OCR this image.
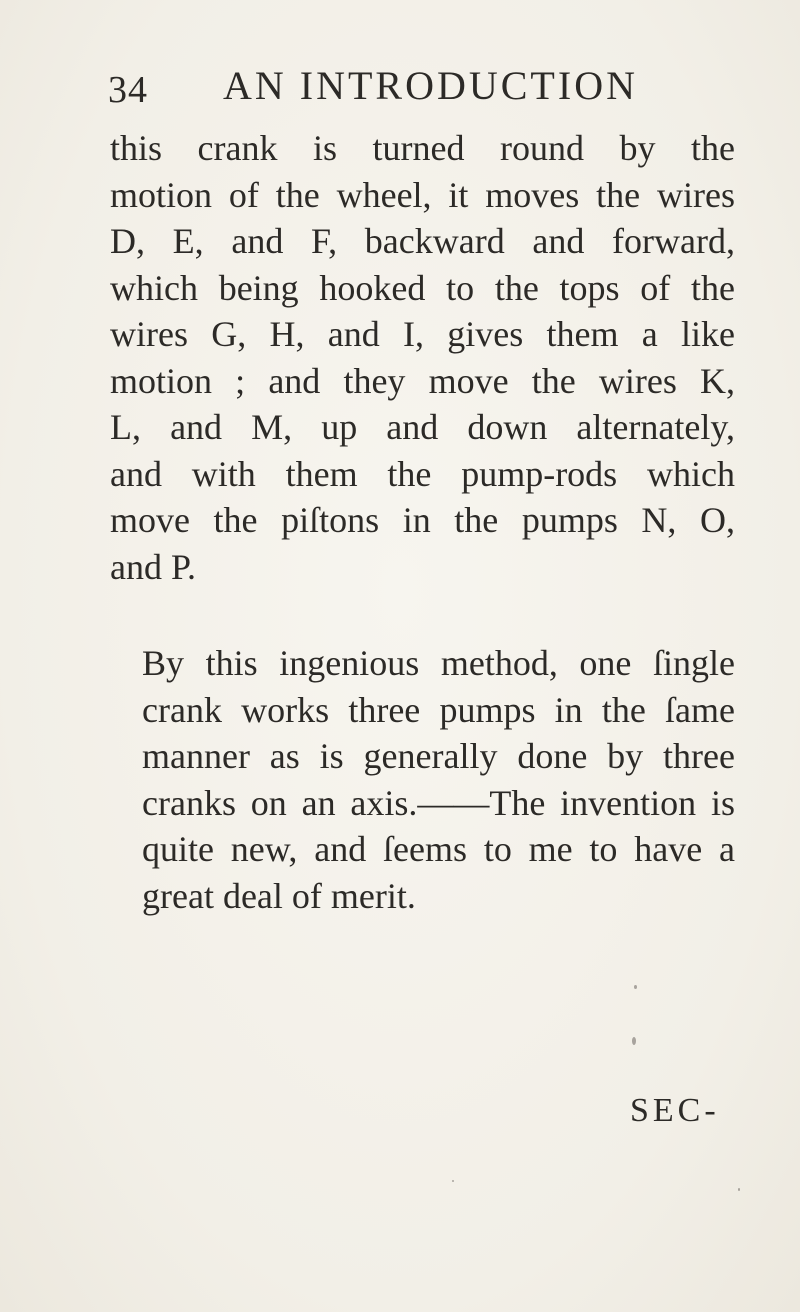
34 AN INTRODUCTION

this crank is turned round by the
motion of the wheel, it moves the wires
D, E, and F, backward and forward,
which being hooked to the tops of the
wires G, H, and I, gives them a like
motion ; and they move the wires K,
L, and M, up and down alternately,
and with them the pump-rods which
move the piſtons in the pumps N, O,
and P.

By this ingenious method, one ſingle
crank works three pumps in the ſame
manner as is generally done by three
cranks on an axis.——The invention is
quite new, and ſeems to me to have a
great deal of merit.

SEC-
